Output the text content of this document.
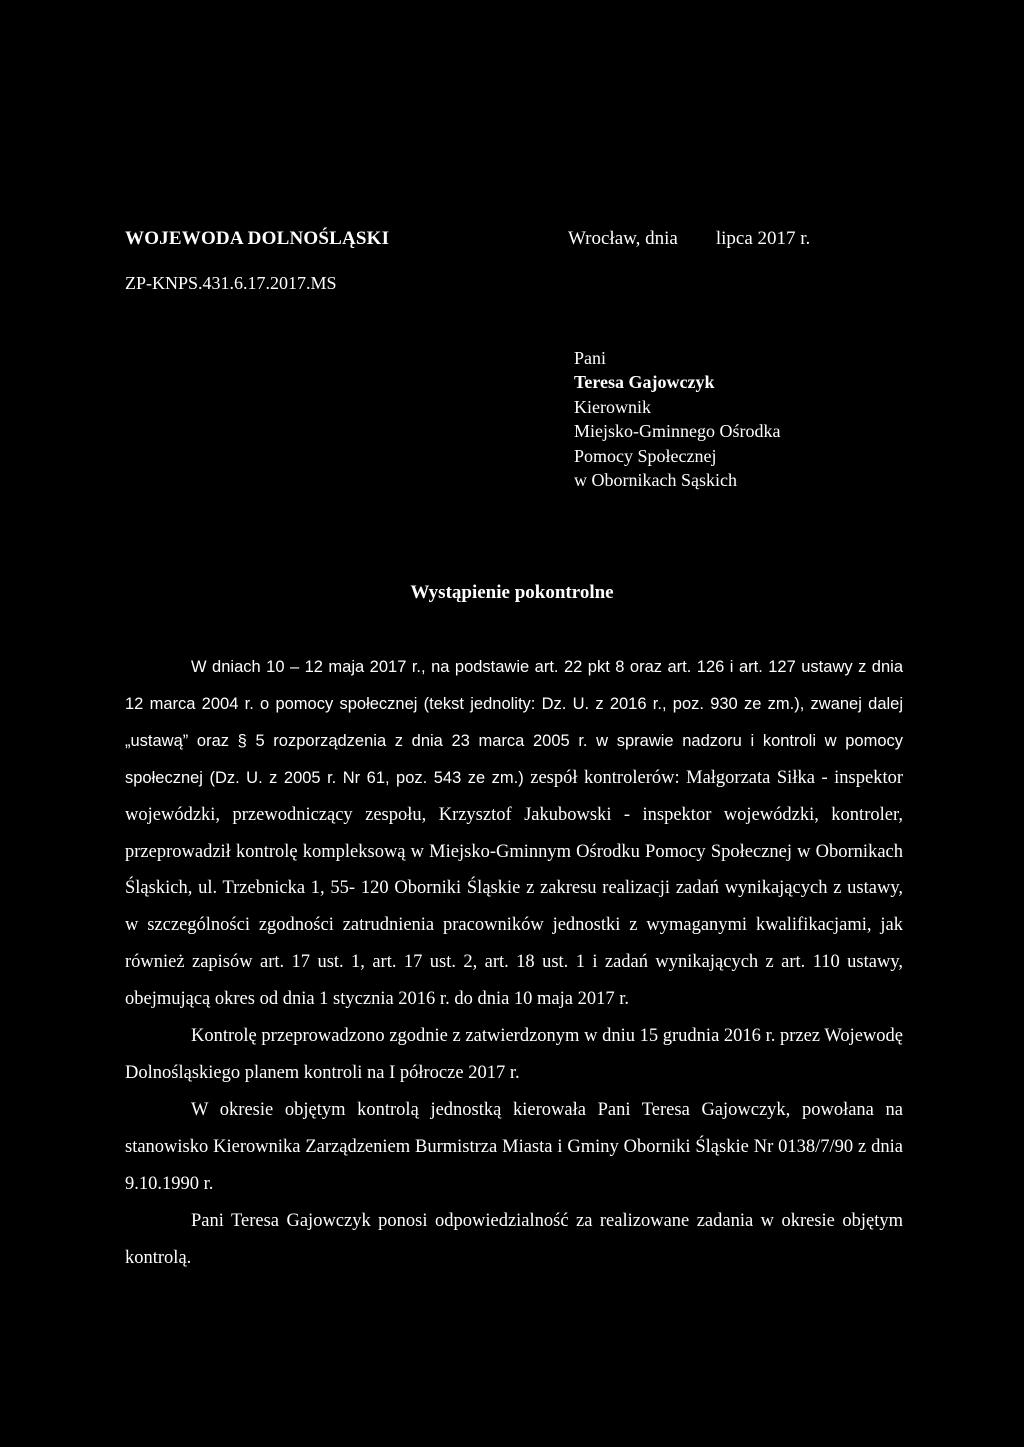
WOJEWODA DOLNOŚLĄSKI	Wrocław, dnia        lipca 2017 r.
ZP-KNPS.431.6.17.2017.MS
Pani
Teresa Gajowczyk
Kierownik
Miejsko-Gminnego Ośrodka
Pomocy Społecznej
w Obornikach Sąskich
Wystąpienie pokontrolne

W dniach 10 – 12 maja 2017 r., na podstawie art. 22 pkt 8 oraz art. 126 i art. 127 ustawy z dnia 12 marca 2004 r. o pomocy społecznej (tekst jednolity: Dz. U. z 2016 r., poz. 930 ze zm.), zwanej dalej „ustawą” oraz § 5 rozporządzenia z dnia 23 marca 2005 r. w sprawie nadzoru i kontroli w pomocy społecznej (Dz. U. z 2005 r. Nr 61, poz. 543 ze zm.) zespół kontrolerów: Małgorzata Siłka - inspektor wojewódzki, przewodniczący zespołu, Krzysztof Jakubowski - inspektor wojewódzki, kontroler, przeprowadził kontrolę kompleksową w Miejsko-Gminnym Ośrodku Pomocy Społecznej w Obornikach Śląskich, ul. Trzebnicka 1, 55- 120 Oborniki Śląskie z zakresu realizacji zadań wynikających z ustawy, w szczególności zgodności zatrudnienia pracowników jednostki z wymaganymi kwalifikacjami, jak również zapisów art. 17 ust. 1, art. 17 ust. 2, art. 18 ust. 1 i zadań wynikających z art. 110 ustawy, obejmującą okres od dnia 1 stycznia 2016 r. do dnia 10 maja 2017 r.

Kontrolę przeprowadzono zgodnie z zatwierdzonym w dniu 15 grudnia 2016 r. przez Wojewodę Dolnośląskiego planem kontroli na I półrocze 2017 r.

W okresie objętym kontrolą jednostką kierowała Pani Teresa Gajowczyk, powołana na stanowisko Kierownika Zarządzeniem Burmistrza Miasta i Gminy Oborniki Śląskie Nr 0138/7/90 z dnia 9.10.1990 r.

Pani Teresa Gajowczyk ponosi odpowiedzialność za realizowane zadania w okresie objętym kontrolą.
